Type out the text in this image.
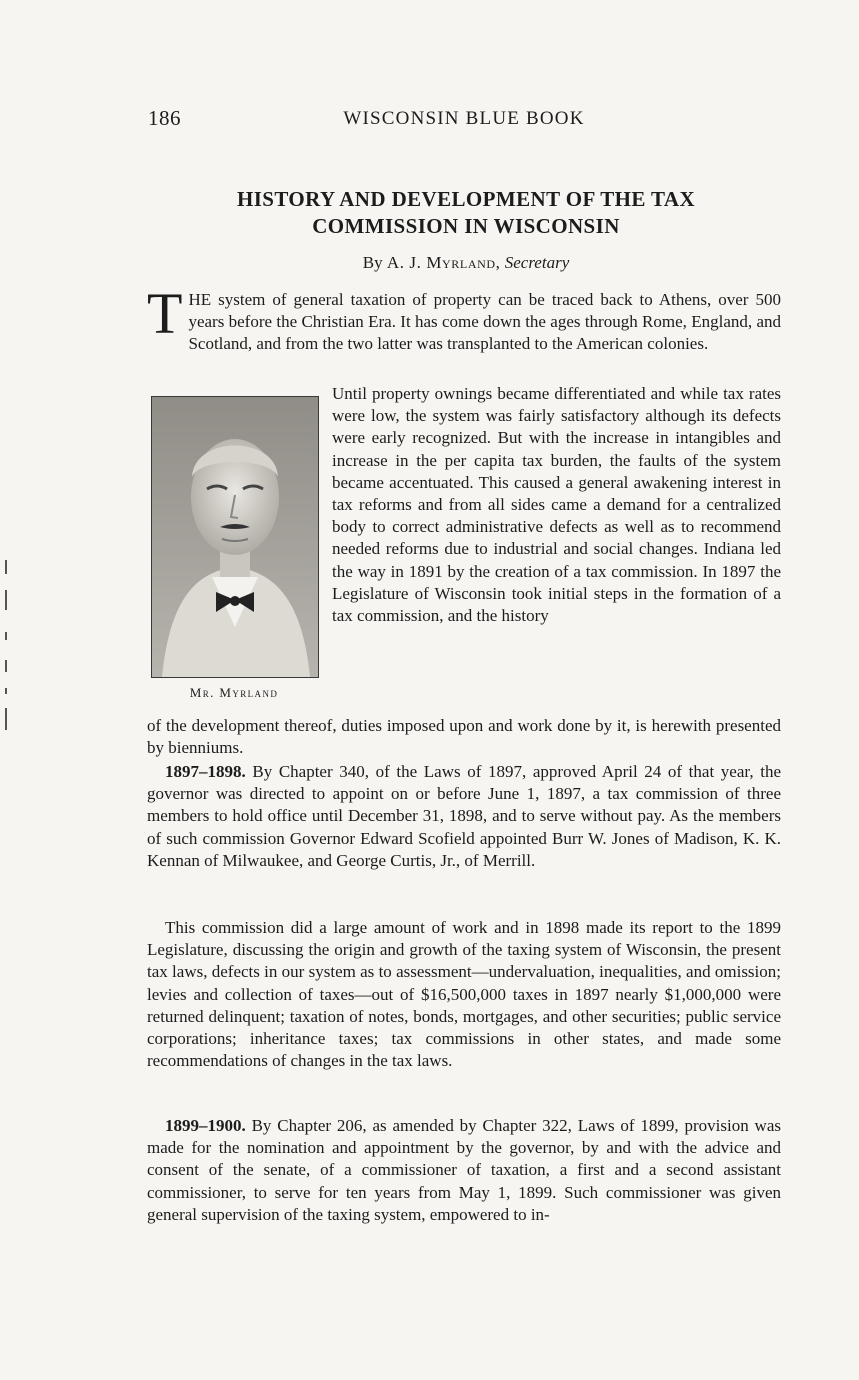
186	WISCONSIN BLUE BOOK
HISTORY AND DEVELOPMENT OF THE TAX
COMMISSION IN WISCONSIN
By A. J. Myrland, Secretary
THE system of general taxation of property can be traced back to Athens, over 500 years before the Christian Era. It has come down the ages through Rome, England, and Scotland, and from the two latter was transplanted to the American colonies.
Mr. Myrland
Until property ownings became differentiated and while tax rates were low, the system was fairly satisfactory although its defects were early recognized. But with the increase in intangibles and increase in the per capita tax burden, the faults of the system became accentuated. This caused a general awakening interest in tax reforms and from all sides came a demand for a centralized body to correct administrative defects as well as to recommend needed reforms due to industrial and social changes. Indiana led the way in 1891 by the creation of a tax commission. In 1897 the Legislature of Wisconsin took initial steps in the formation of a tax commission, and the history
of the development thereof, duties imposed upon and work done by it, is herewith presented by bienniums.
1897–1898. By Chapter 340, of the Laws of 1897, approved April 24 of that year, the governor was directed to appoint on or before June 1, 1897, a tax commission of three members to hold office until December 31, 1898, and to serve without pay. As the members of such commission Governor Edward Scofield appointed Burr W. Jones of Madison, K. K. Kennan of Milwaukee, and George Curtis, Jr., of Merrill.
This commission did a large amount of work and in 1898 made its report to the 1899 Legislature, discussing the origin and growth of the taxing system of Wisconsin, the present tax laws, defects in our system as to assessment—undervaluation, inequalities, and omission; levies and collection of taxes—out of $16,500,000 taxes in 1897 nearly $1,000,000 were returned delinquent; taxation of notes, bonds, mortgages, and other securities; public service corporations; inheritance taxes; tax commissions in other states, and made some recommendations of changes in the tax laws.
1899–1900. By Chapter 206, as amended by Chapter 322, Laws of 1899, provision was made for the nomination and appointment by the governor, by and with the advice and consent of the senate, of a commissioner of taxation, a first and a second assistant commissioner, to serve for ten years from May 1, 1899. Such commissioner was given general supervision of the taxing system, empowered to in-
